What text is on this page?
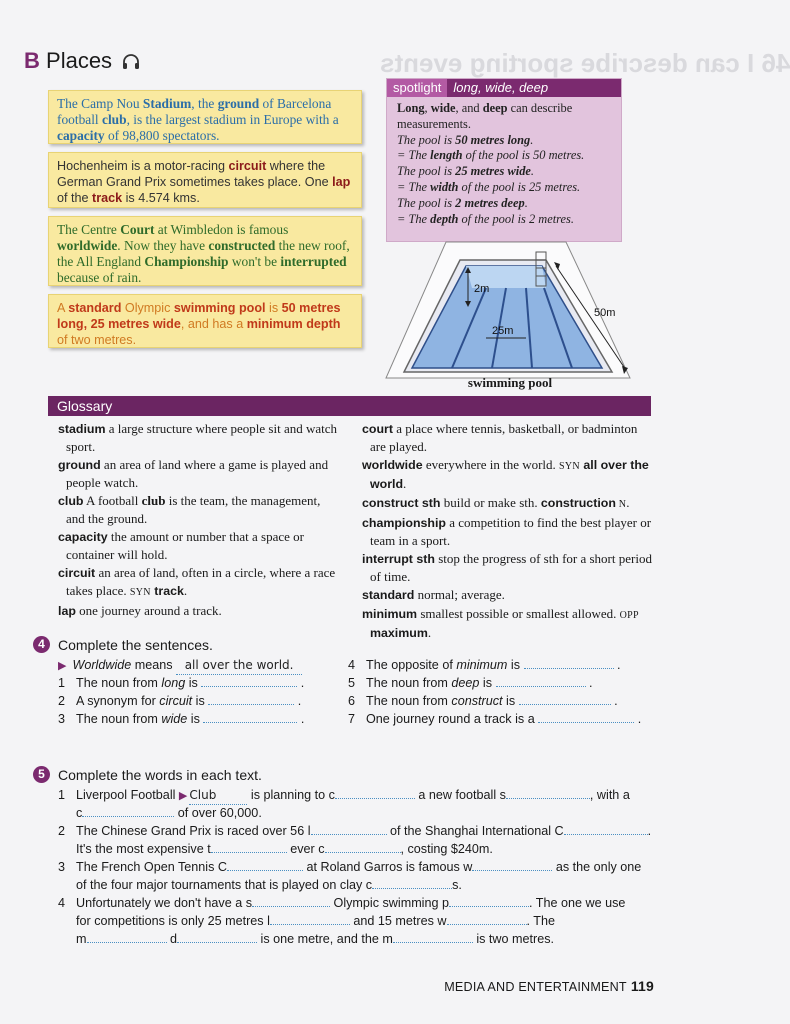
46 I can describe sporting events
B Places
The Camp Nou Stadium, the ground of Barcelona football club, is the largest stadium in Europe with a capacity of 98,800 spectators.
Hochenheim is a motor-racing circuit where the German Grand Prix sometimes takes place. One lap of the track is 4.574 kms.
The Centre Court at Wimbledon is famous worldwide. Now they have constructed the new roof, the All England Championship won't be interrupted because of rain.
A standard Olympic swimming pool is 50 metres long, 25 metres wide, and has a minimum depth of two metres.
spotlight long, wide, deep
Long, wide, and deep can describe measurements.
The pool is 50 metres long.
= The length of the pool is 50 metres.
The pool is 25 metres wide.
= The width of the pool is 25 metres.
The pool is 2 metres deep.
= The depth of the pool is 2 metres.
2m
25m
50m
swimming pool
Glossary
stadium a large structure where people sit and watch sport.
ground an area of land where a game is played and people watch.
club A football club is the team, the management, and the ground.
capacity the amount or number that a space or container will hold.
circuit an area of land, often in a circle, where a race takes place. SYN track.
lap one journey around a track.
court a place where tennis, basketball, or badminton are played.
worldwide everywhere in the world. SYN all over the world.
construct sth build or make sth. construction N.
championship a competition to find the best player or team in a sport.
interrupt sth stop the progress of sth for a short period of time.
standard normal; average.
minimum smallest possible or smallest allowed. OPP maximum.
4 Complete the sentences.
▶ Worldwide means all over the world.
1 The noun from long is	.
2 A synonym for circuit is	.
3 The noun from wide is	.
4 The opposite of minimum is	.
5 The noun from deep is	.
6 The noun from construct is	.
7 One journey round a track is a	.
5 Complete the words in each text.
1 Liverpool Football ▶ Club is planning to c	a new football s	, with a
c	of over 60,000.
2 The Chinese Grand Prix is raced over 56 l	of the Shanghai International C	.
It's the most expensive t	ever c	, costing $240m.
3 The French Open Tennis C	at Roland Garros is famous w	as the only one
of the four major tournaments that is played on clay c	s.
4 Unfortunately we don't have a s	Olympic swimming p	. The one we use
for competitions is only 25 metres l	and 15 metres w	. The
m	d	is one metre, and the m	is two metres.
MEDIA AND ENTERTAINMENT 119
